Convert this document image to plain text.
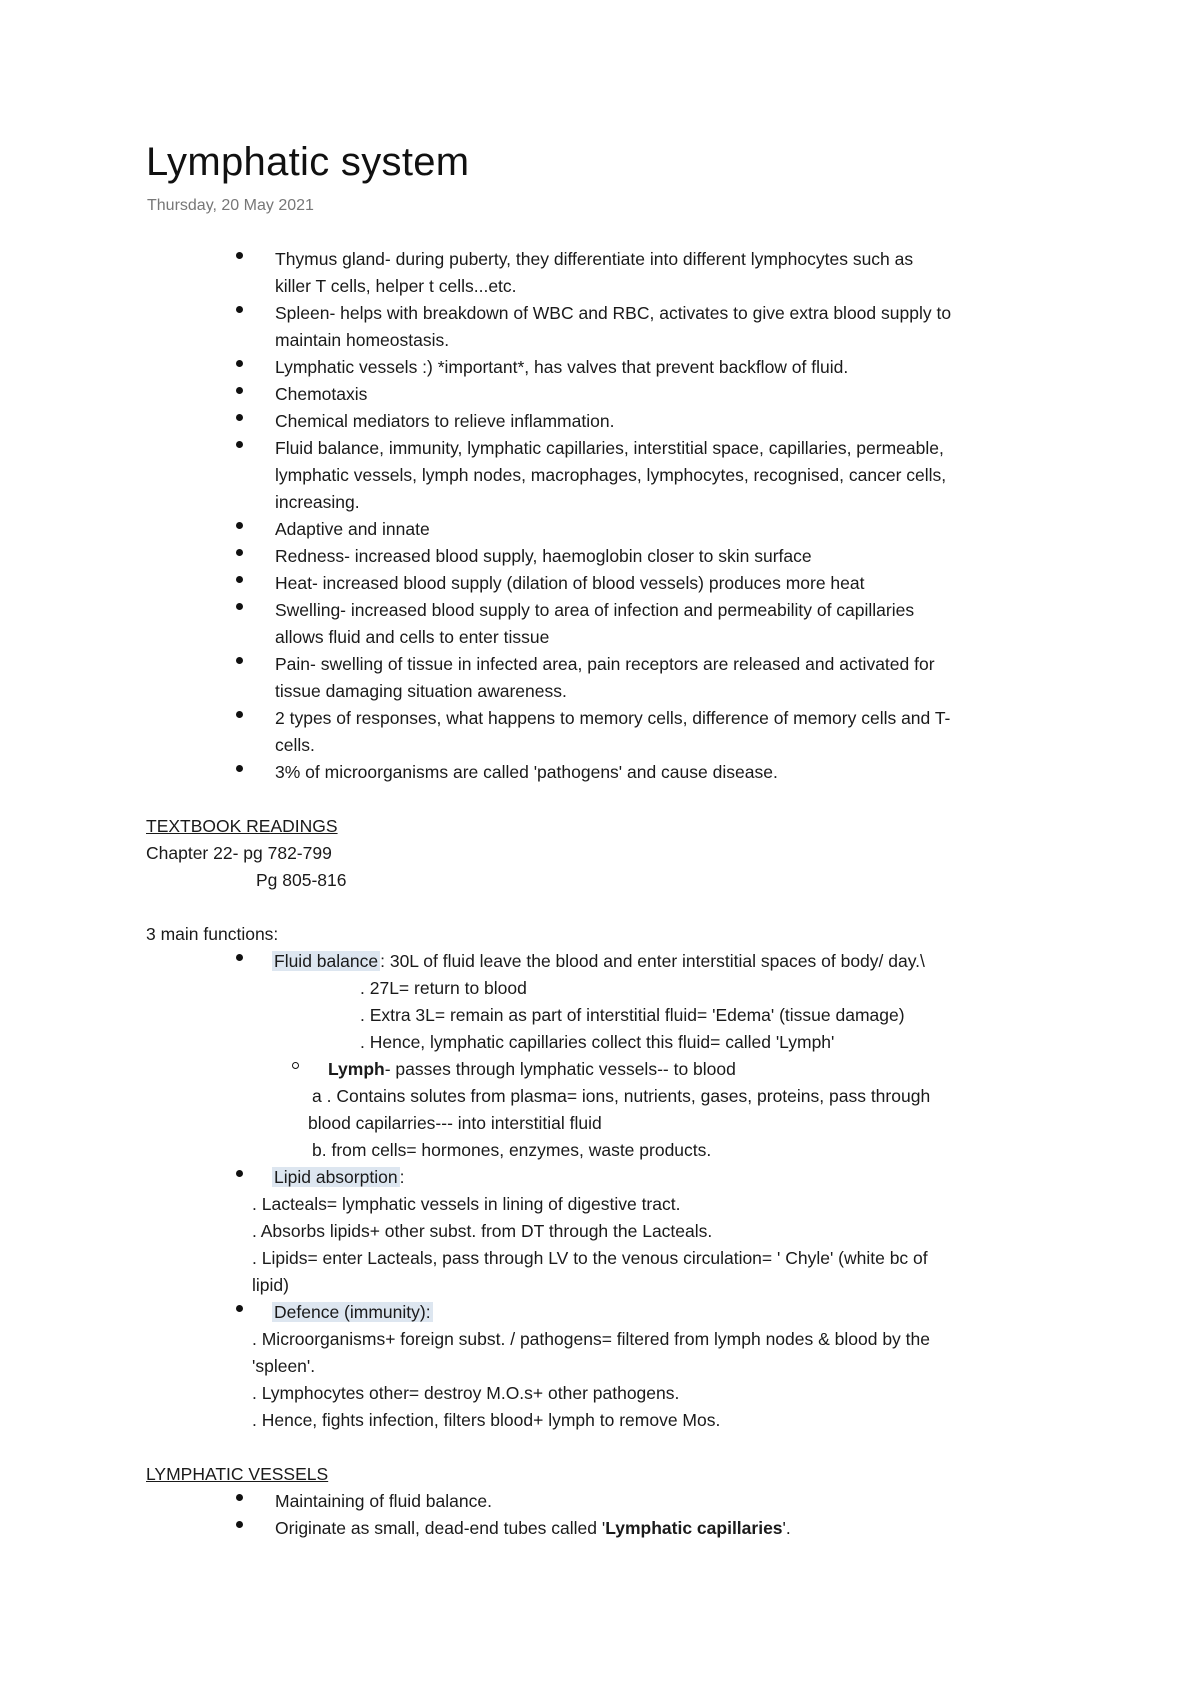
Lymphatic system
Thursday, 20 May 2021
Thymus gland- during puberty, they differentiate into different lymphocytes such as
killer T cells, helper t cells...etc.
Spleen- helps with breakdown of WBC and RBC, activates to give extra blood supply to
maintain homeostasis.
Lymphatic vessels :) *important*, has valves that prevent backflow of fluid.
Chemotaxis
Chemical mediators to relieve inflammation.
Fluid balance, immunity, lymphatic capillaries, interstitial space, capillaries, permeable,
lymphatic vessels, lymph nodes, macrophages, lymphocytes, recognised, cancer cells,
increasing.
Adaptive and innate
Redness- increased blood supply, haemoglobin closer to skin surface
Heat- increased blood supply (dilation of blood vessels) produces more heat
Swelling- increased blood supply to area of infection and permeability of capillaries
allows fluid and cells to enter tissue
Pain- swelling of tissue in infected area, pain receptors are released and activated for
tissue damaging situation awareness.
2 types of responses, what happens to memory cells, difference of memory cells and T-
cells.
3% of microorganisms are called 'pathogens' and cause disease.
TEXTBOOK READINGS
Chapter 22- pg 782-799
Pg 805-816
3 main functions:
Fluid balance : 30L of fluid leave the blood and enter interstitial spaces of body/ day.\
. 27L= return to blood
. Extra 3L= remain as part of interstitial fluid= 'Edema' (tissue damage)
. Hence, lymphatic capillaries collect this fluid= called 'Lymph'
Lymph- passes through lymphatic vessels-- to blood
a . Contains solutes from plasma= ions, nutrients, gases, proteins, pass through
blood capilarries--- into interstitial fluid
b. from cells= hormones, enzymes, waste products.
Lipid absorption :
. Lacteals= lymphatic vessels in lining of digestive tract.
. Absorbs lipids+ other subst. from DT through the Lacteals.
. Lipids= enter Lacteals, pass through LV to the venous circulation= ' Chyle' (white bc of
lipid)
Defence (immunity):
. Microorganisms+ foreign subst. / pathogens= filtered from lymph nodes & blood by the
'spleen'.
. Lymphocytes other= destroy M.O.s+ other pathogens.
. Hence, fights infection, filters blood+ lymph to remove Mos.
LYMPHATIC VESSELS
Maintaining of fluid balance.
Originate as small, dead-end tubes called 'Lymphatic capillaries'.
